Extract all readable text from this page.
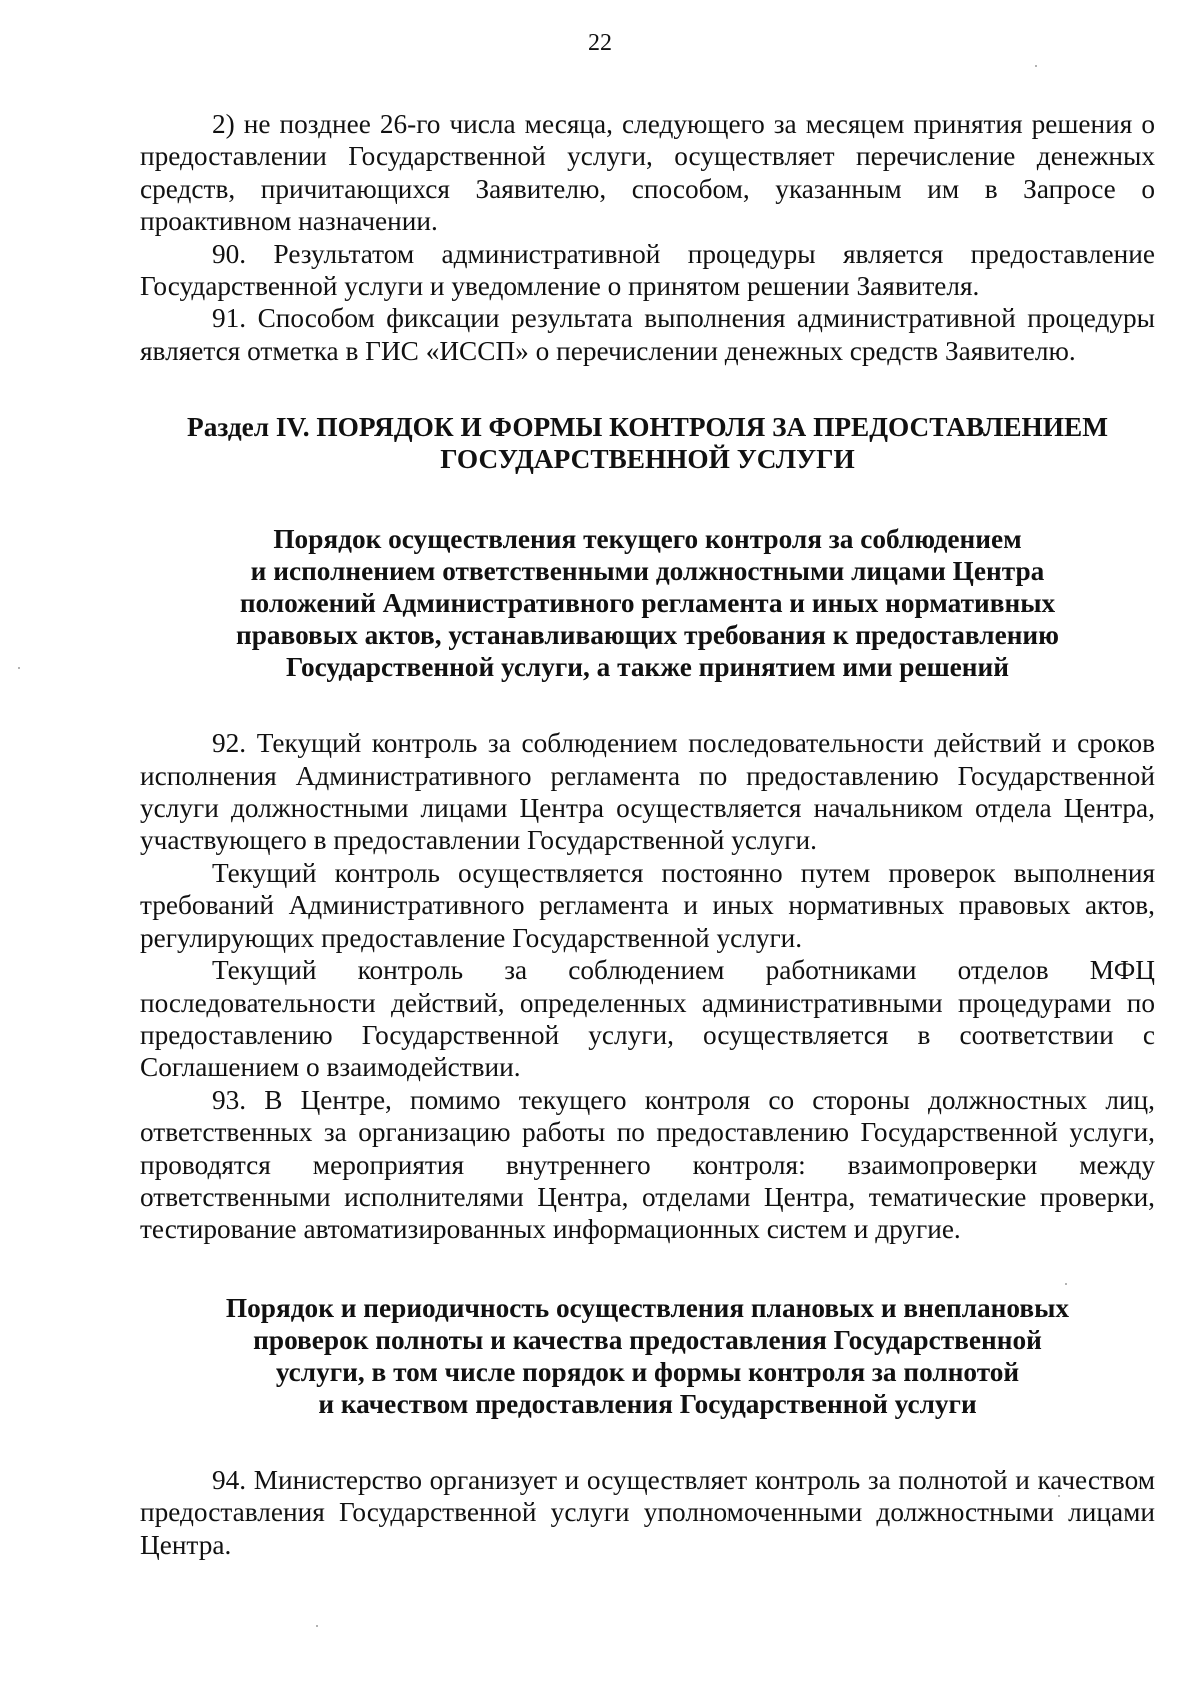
22

2) не позднее 26-го числа месяца, следующего за месяцем принятия решения о предоставлении Государственной услуги, осуществляет перечисление денежных средств, причитающихся Заявителю, способом, указанным им в Запросе о проактивном назначении.

90. Результатом административной процедуры является предоставление Государственной услуги и уведомление о принятом решении Заявителя.

91. Способом фиксации результата выполнения административной процедуры является отметка в ГИС «ИССП» о перечислении денежных средств Заявителю.

Раздел IV. ПОРЯДОК И ФОРМЫ КОНТРОЛЯ ЗА ПРЕДОСТАВЛЕНИЕМ
ГОСУДАРСТВЕННОЙ УСЛУГИ
Порядок осуществления текущего контроля за соблюдением
и исполнением ответственными должностными лицами Центра
положений Административного регламента и иных нормативных
правовых актов, устанавливающих требования к предоставлению
Государственной услуги, а также принятием ими решений

92. Текущий контроль за соблюдением последовательности действий и сроков исполнения Административного регламента по предоставлению Государственной услуги должностными лицами Центра осуществляется начальником отдела Центра, участвующего в предоставлении Государственной услуги.

Текущий контроль осуществляется постоянно путем проверок выполнения требований Административного регламента и иных нормативных правовых актов, регулирующих предоставление Государственной услуги.

Текущий контроль за соблюдением работниками отделов МФЦ последовательности действий, определенных административными процедурами по предоставлению Государственной услуги, осуществляется в соответствии с Соглашением о взаимодействии.

93. В Центре, помимо текущего контроля со стороны должностных лиц, ответственных за организацию работы по предоставлению Государственной услуги, проводятся мероприятия внутреннего контроля: взаимопроверки между ответственными исполнителями Центра, отделами Центра, тематические проверки, тестирование автоматизированных информационных систем и другие.

Порядок и периодичность осуществления плановых и внеплановых
проверок полноты и качества предоставления Государственной
услуги, в том числе порядок и формы контроля за полнотой
и качеством предоставления Государственной услуги

94. Министерство организует и осуществляет контроль за полнотой и качеством предоставления Государственной услуги уполномоченными должностными лицами Центра.
